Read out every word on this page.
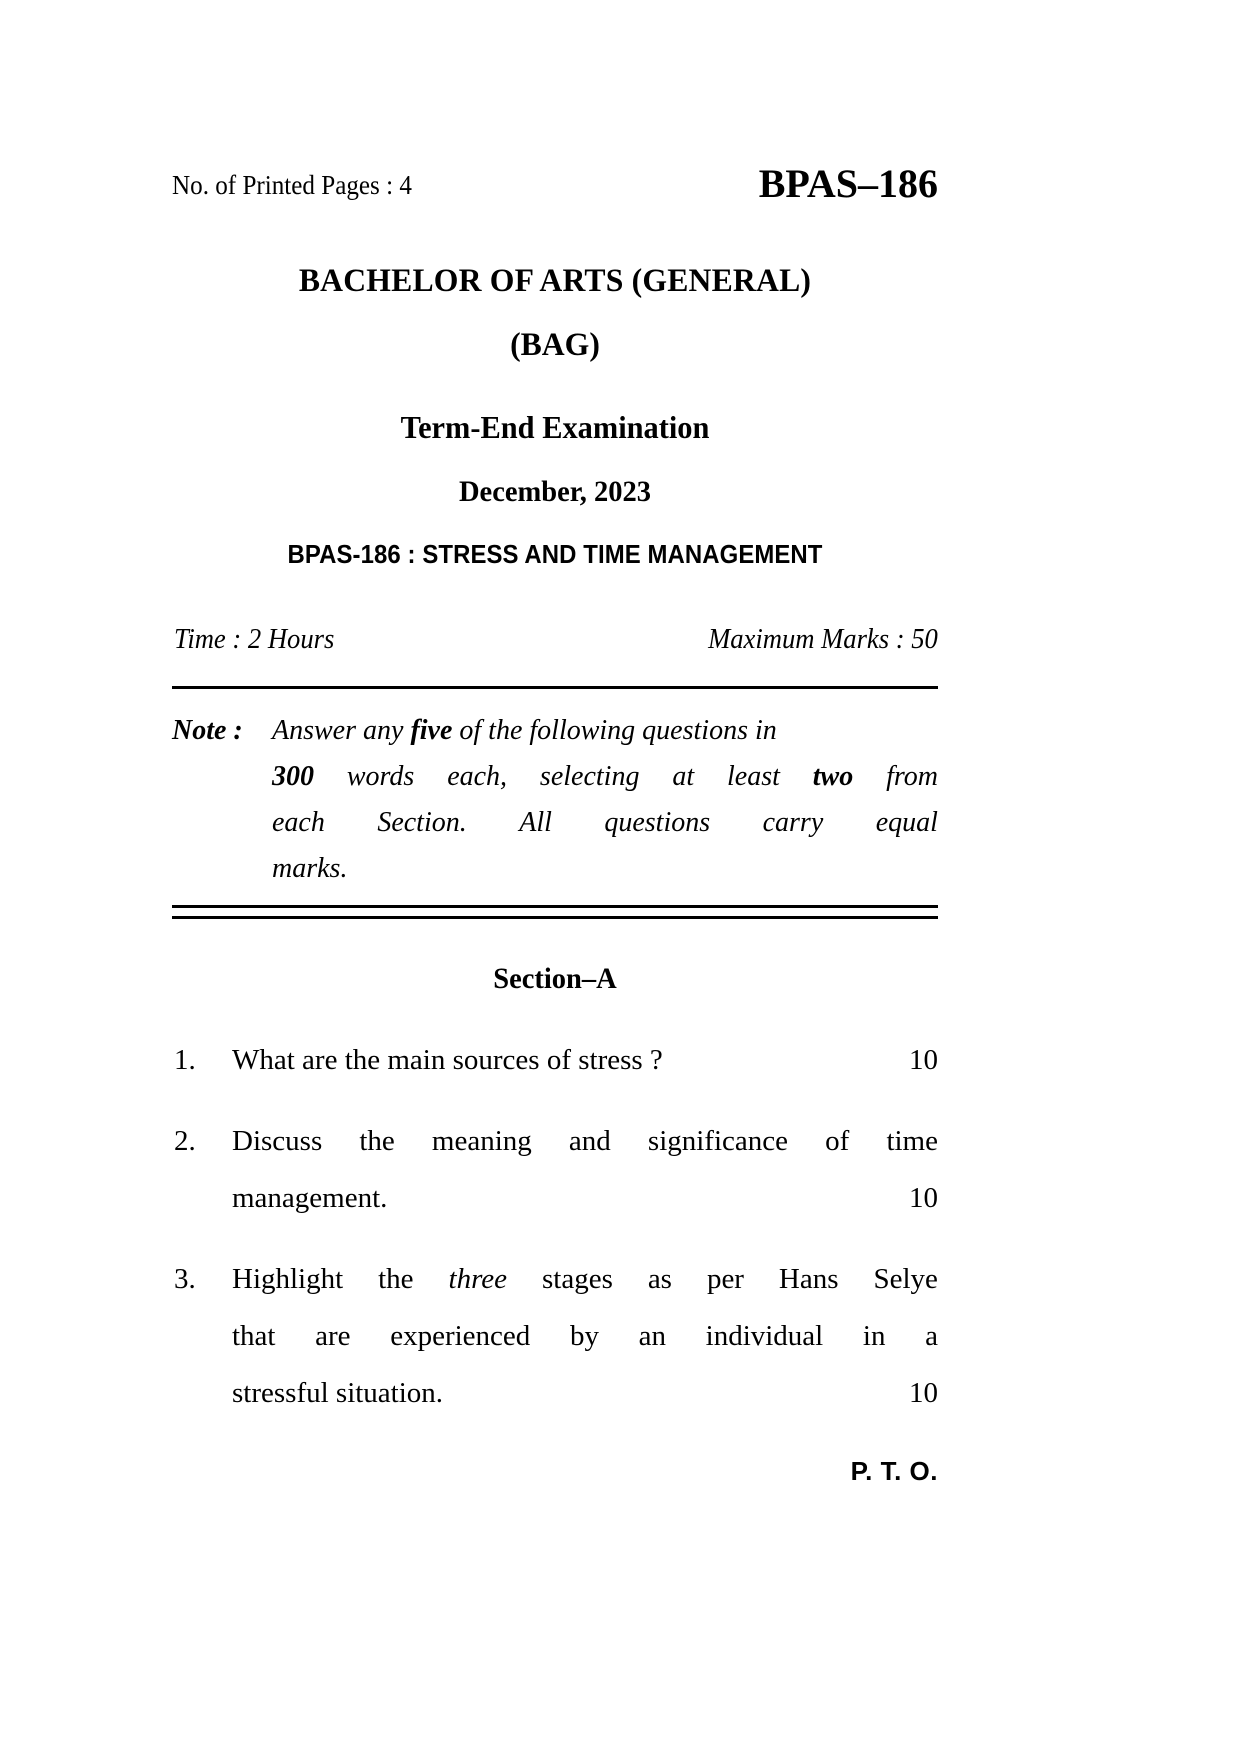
No. of Printed Pages : 4	BPAS–186
BACHELOR OF ARTS (GENERAL)
(BAG)
Term-End Examination
December, 2023
BPAS-186 : STRESS AND TIME MANAGEMENT
Time : 2 Hours	Maximum Marks : 50
Note : Answer any five of the following questions in
300 words each, selecting at least two from
each Section. All questions carry equal
marks.
Section–A
1.	What are the main sources of stress ?	10
2.	Discuss the meaning and significance of time
management.	10
3.	Highlight the three stages as per Hans Selye
that are experienced by an individual in a
stressful situation.	10
P. T. O.
